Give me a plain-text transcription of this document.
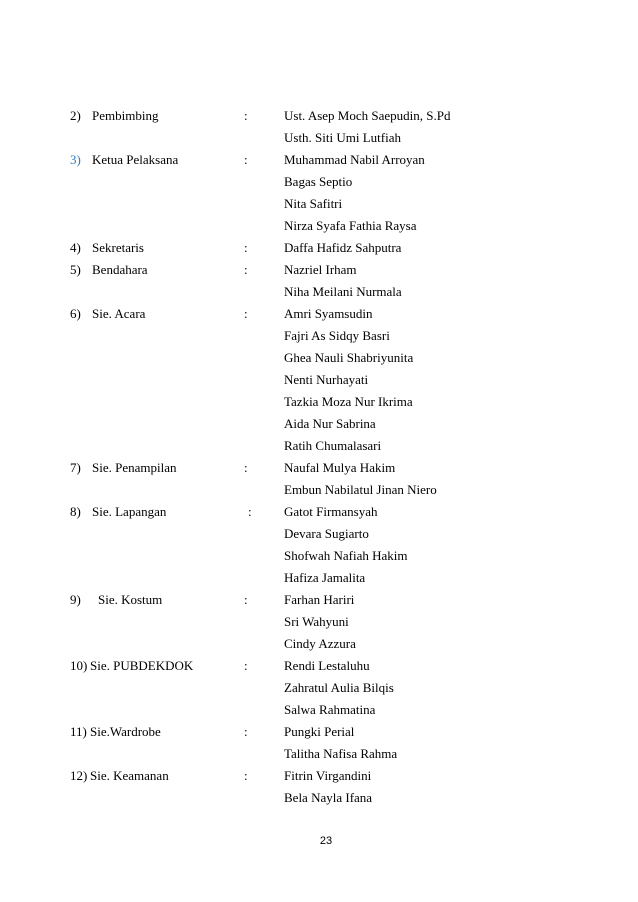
2) Pembimbing	:	Ust. Asep Moch Saepudin, S.Pd
Usth. Siti Umi Lutfiah
3) Ketua Pelaksana	:	Muhammad Nabil Arroyan
Bagas Septio
Nita Safitri
Nirza Syafa Fathia Raysa
4) Sekretaris	:	Daffa Hafidz Sahputra
5) Bendahara	:	Nazriel Irham
Niha Meilani Nurmala
6) Sie. Acara	:	Amri Syamsudin
Fajri As Sidqy Basri
Ghea Nauli Shabriyunita
Nenti Nurhayati
Tazkia Moza Nur Ikrima
Aida Nur Sabrina
Ratih Chumalasari
7) Sie. Penampilan	:	Naufal Mulya Hakim
Embun Nabilatul Jinan Niero
8) Sie. Lapangan	: Gatot Firmansyah
Devara Sugiarto
Shofwah Nafiah Hakim
Hafiza Jamalita
9) Sie. Kostum	:	Farhan Hariri
Sri Wahyuni
Cindy Azzura
10) Sie. PUBDEKDOK	:	Rendi Lestaluhu
Zahratul Aulia Bilqis
Salwa Rahmatina
11) Sie.Wardrobe	:	Pungki Perial
Talitha Nafisa Rahma
12) Sie. Keamanan	:	Fitrin Virgandini
Bela Nayla Ifana
23
